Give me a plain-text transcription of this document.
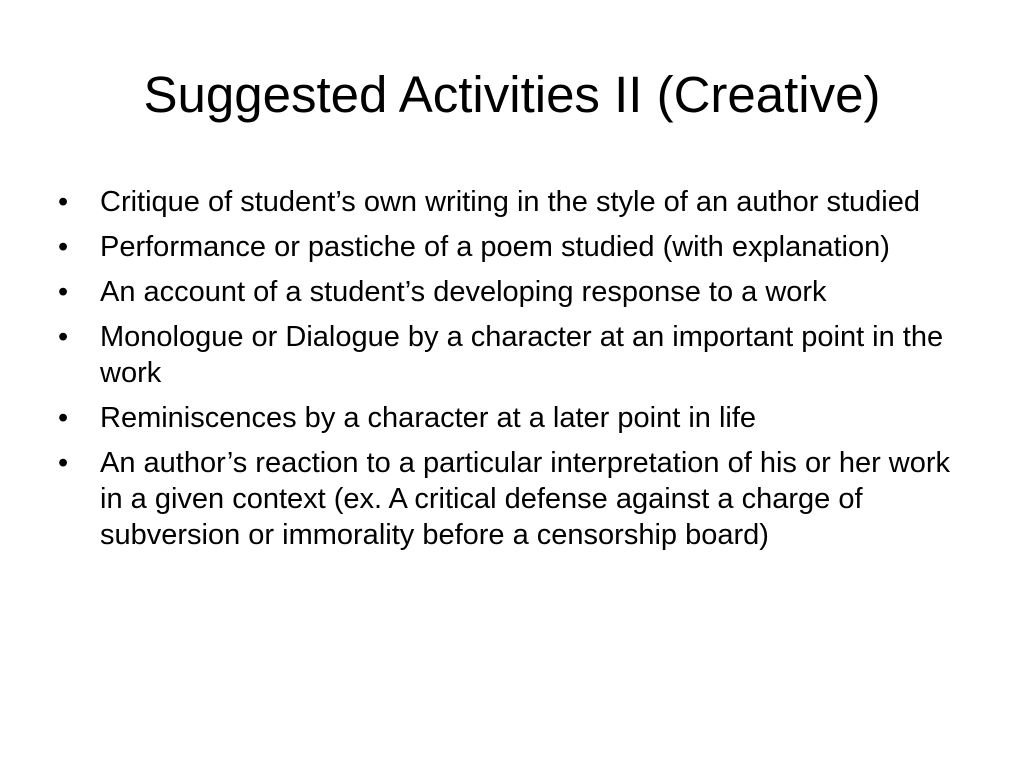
Suggested Activities II (Creative)
•	Critique of student’s own writing in the style of an author studied
•	Performance or pastiche of a poem studied (with explanation)
•	An account of a student’s developing response to a work
•	Monologue or Dialogue by a character at an important point in the work
•	Reminiscences by a character at a later point in life
•	An author’s reaction to a particular interpretation of his or her work in a given context (ex. A critical defense against a charge of subversion or immorality before a censorship board)
